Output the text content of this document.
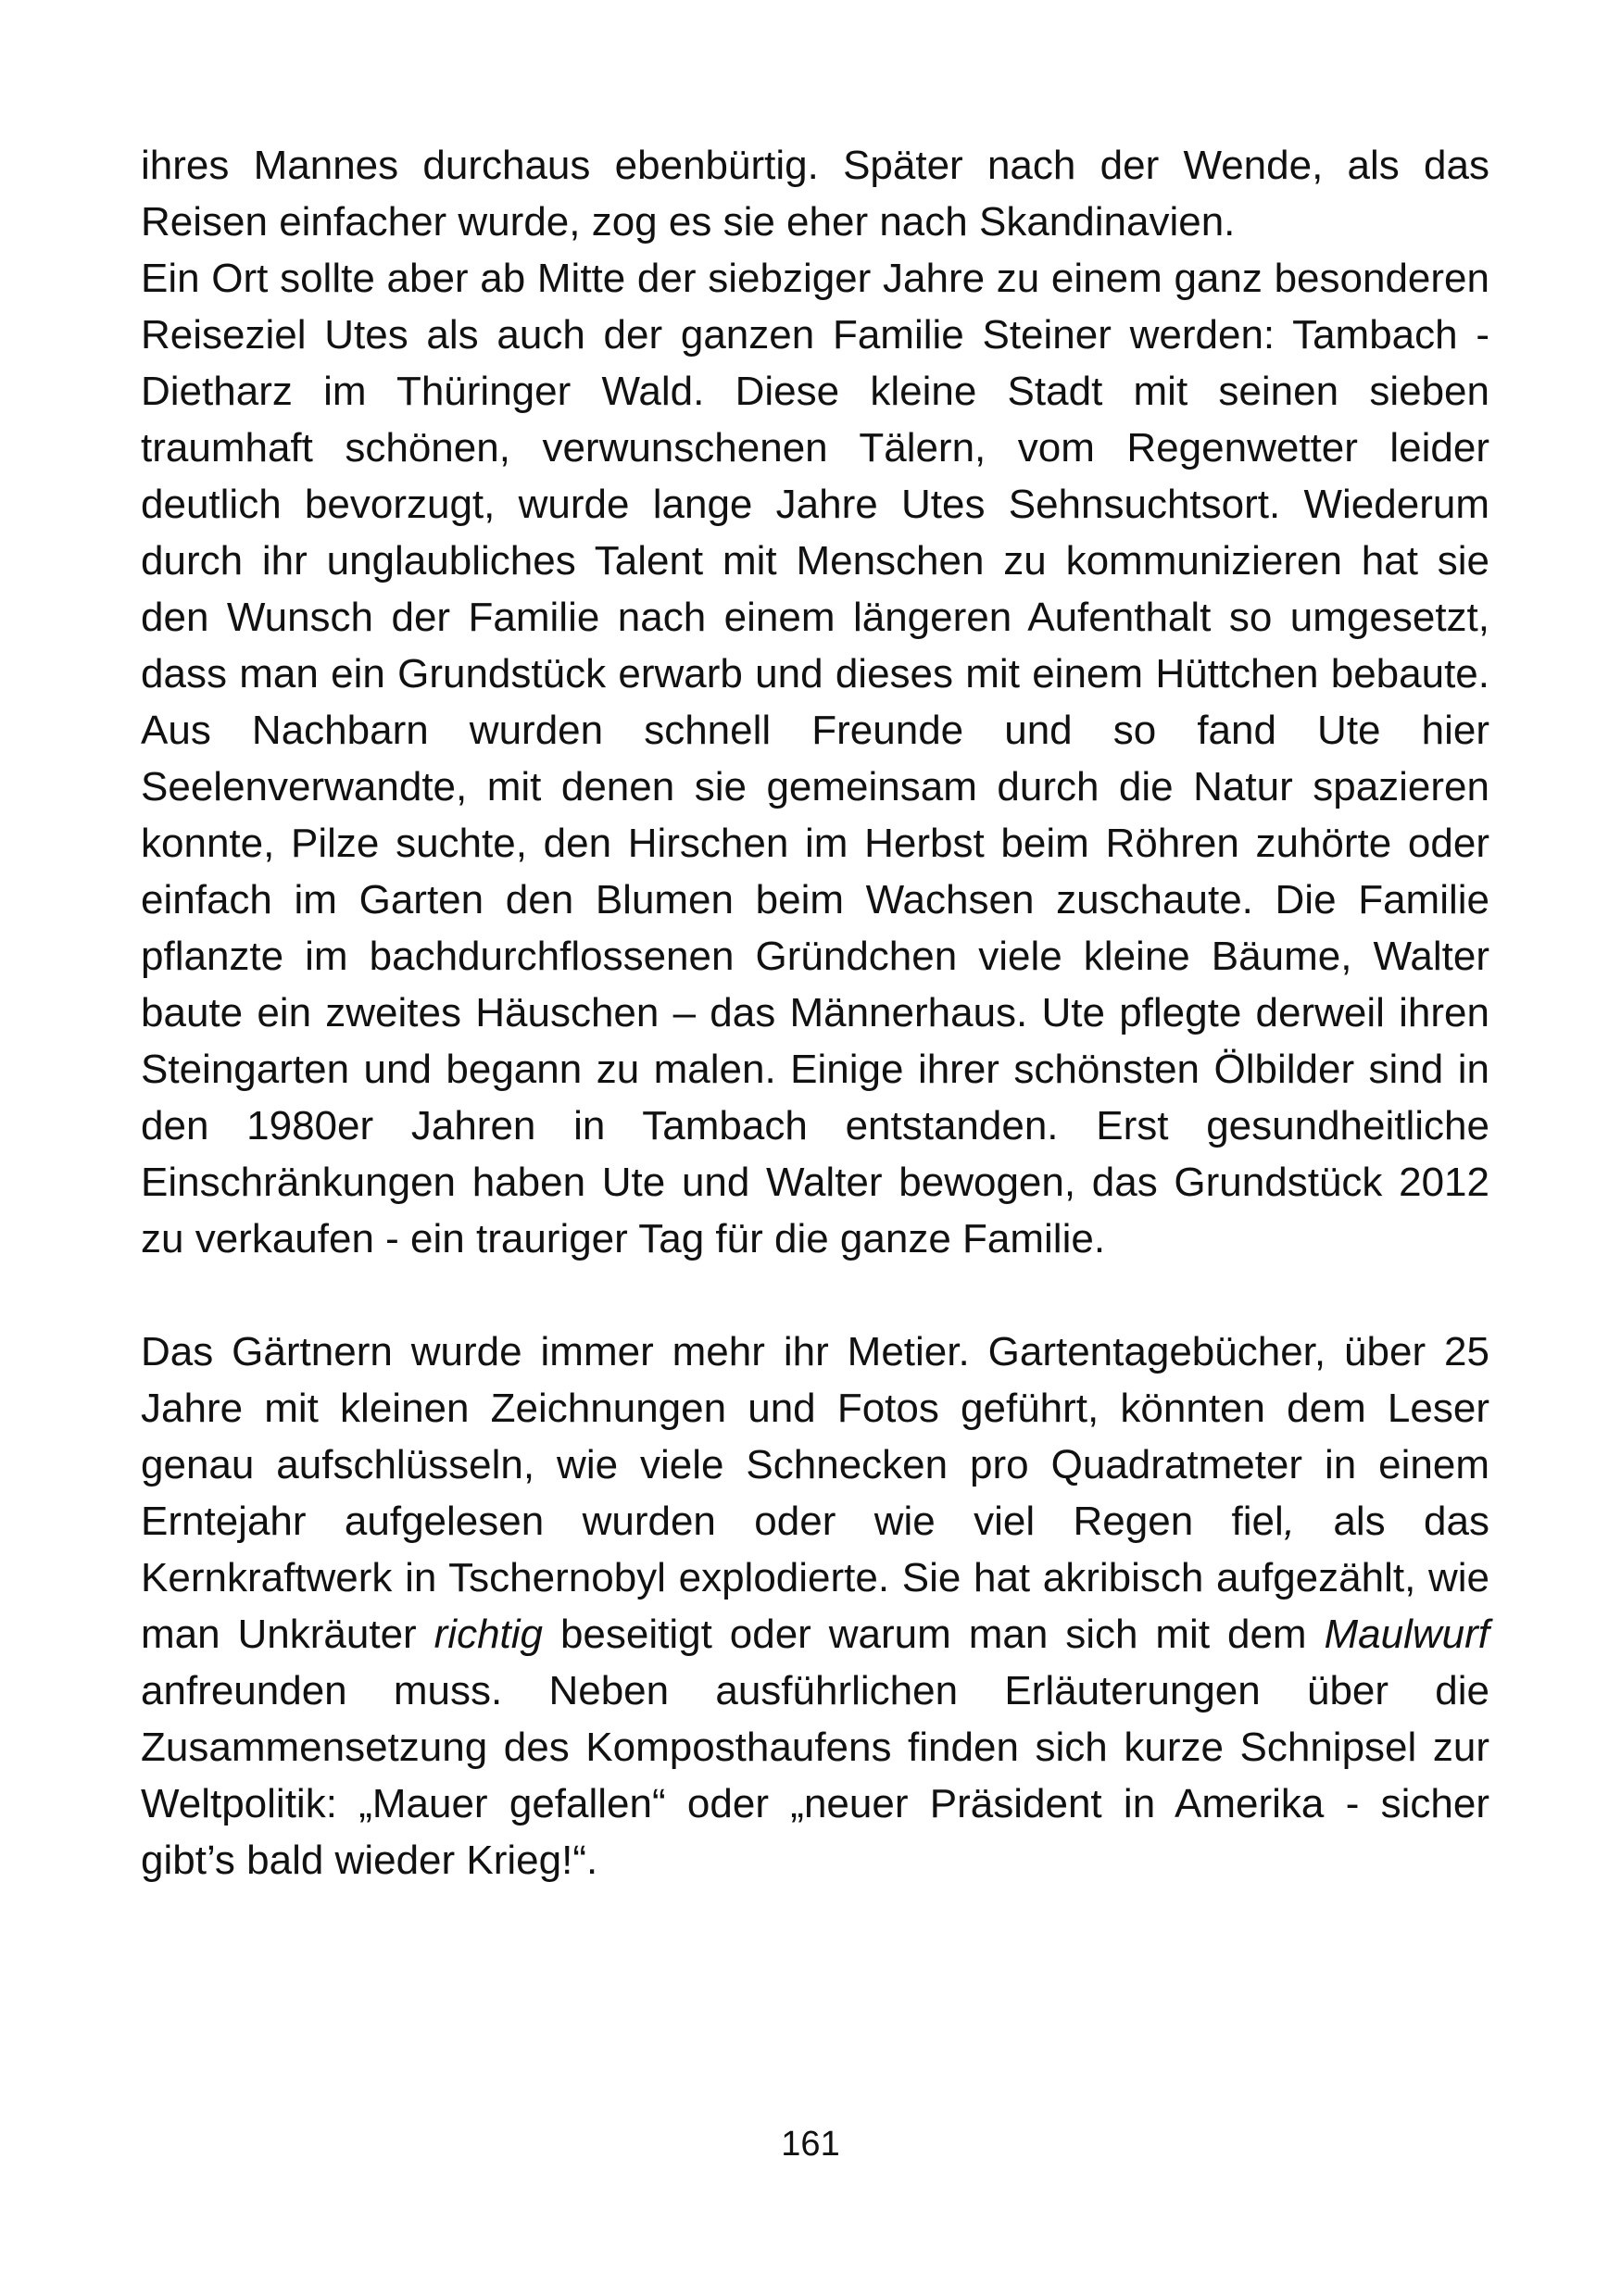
ihres Mannes durchaus ebenbürtig. Später nach der Wende, als das Reisen einfacher wurde, zog es sie eher nach Skandinavien.

Ein Ort sollte aber ab Mitte der siebziger Jahre zu einem ganz besonderen Reiseziel Utes als auch der ganzen Familie Steiner werden: Tambach - Dietharz im Thüringer Wald. Diese kleine Stadt mit seinen sieben traumhaft schönen, verwunschenen Tälern, vom Regenwetter leider deutlich bevorzugt, wurde lange Jahre Utes Sehnsuchtsort. Wiederum durch ihr unglaubliches Talent mit Menschen zu kommunizieren hat sie den Wunsch der Familie nach einem längeren Aufenthalt so umgesetzt, dass man ein Grundstück erwarb und dieses mit einem Hüttchen bebaute. Aus Nachbarn wurden schnell Freunde und so fand Ute hier Seelenverwandte, mit denen sie gemeinsam durch die Natur spazieren konnte, Pilze suchte, den Hirschen im Herbst beim Röhren zuhörte oder einfach im Garten den Blumen beim Wachsen zuschaute. Die Familie pflanzte im bachdurchflossenen Gründchen viele kleine Bäume, Walter baute ein zweites Häuschen – das Männerhaus. Ute pflegte derweil ihren Steingarten und begann zu malen. Einige ihrer schönsten Ölbilder sind in den 1980er Jahren in Tambach entstanden. Erst gesundheitliche Einschränkungen haben Ute und Walter bewogen, das Grundstück 2012 zu verkaufen - ein trauriger Tag für die ganze Familie.

Das Gärtnern wurde immer mehr ihr Metier. Gartentagebücher, über 25 Jahre mit kleinen Zeichnungen und Fotos geführt, könnten dem Leser genau aufschlüsseln, wie viele Schnecken pro Quadratmeter in einem Erntejahr aufgelesen wurden oder wie viel Regen fiel, als das Kernkraftwerk in Tschernobyl explodierte. Sie hat akribisch aufgezählt, wie man Unkräuter richtig beseitigt oder warum man sich mit dem Maulwurf anfreunden muss. Neben ausführlichen Erläuterungen über die Zusammensetzung des Komposthaufens finden sich kurze Schnipsel zur Weltpolitik: „Mauer gefallen“ oder „neuer Präsident in Amerika - sicher gibt’s bald wieder Krieg!“.

161
